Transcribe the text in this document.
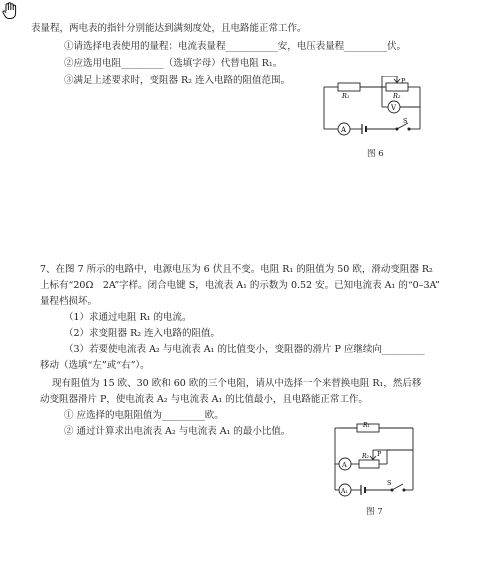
表量程，两电表的指针分别能达到满刻度处，且电路能正常工作。
①请选择电表使用的量程：电流表量程___________安，电压表量程_________伏。
②应选用电阻_________（选填字母）代替电阻 R₁。
③满足上述要求时，变阻器 R₂ 连入电路的阻值范围。
R₁
P
R₂
V
A
S
图 6
7、在图 7 所示的电路中，电源电压为 6 伏且不变。电阻 R₁ 的阻值为 50 欧，滑动变阻器 R₂
上标有“20Ω　2A”字样。闭合电键 S，电流表 A₁ 的示数为 0.52 安。已知电流表 A₁ 的“0–3A”
量程档损坏。
（1）求通过电阻 R₁ 的电流。
（2）求变阻器 R₂ 连入电路的阻值。
（3）若要使电流表 A₂ 与电流表 A₁ 的比值变小，变阻器的滑片 P 应继续向_________
移动（选填“左”或“右”）。
现有阻值为 15 欧、30 欧和 60 欧的三个电阻，请从中选择一个来替换电阻 R₁，然后移
动变阻器滑片 P，使电流表 A₂ 与电流表 A₁ 的比值最小，且电路能正常工作。
① 应选择的电阻阻值为_________欧。
② 通过计算求出电流表 A₂ 与电流表 A₁ 的最小比值。
R₁
R₂ P
A
A₁
S
图 7
